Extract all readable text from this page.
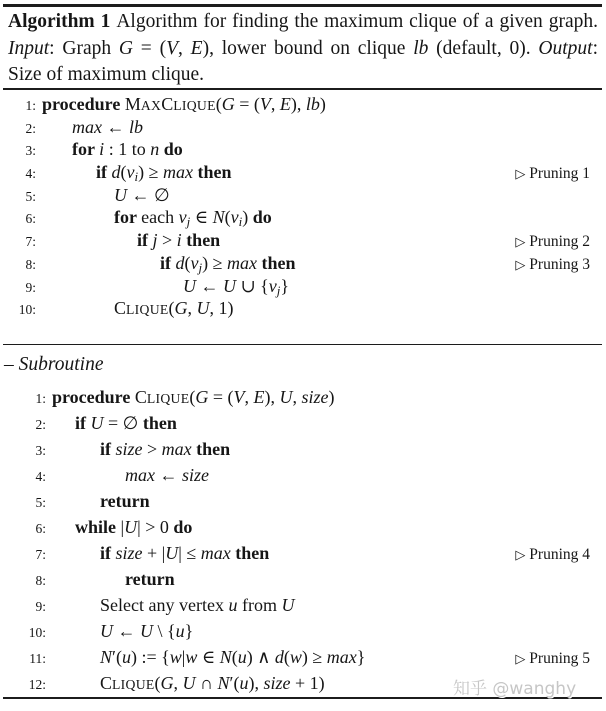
Algorithm 1 Algorithm for finding the maximum clique of a given graph. Input: Graph G = (V, E), lower bound on clique lb (default, 0). Output: Size of maximum clique.

1: procedure MAXCLIQUE(G = (V, E), lb)
2:	max ← lb
3:	for i : 1 to n do
4:	if d(vi) ≥ max then	▷ Pruning 1
5:	U ← ∅
6:	for each vj ∈ N(vi) do
7:	if j > i then	▷ Pruning 2
8:	if d(vj) ≥ max then	▷ Pruning 3
9:	U ← U ∪ {vj}
10:	CLIQUE(G, U, 1)
– Subroutine
1: procedure CLIQUE(G = (V, E), U, size)
2:	if U = ∅ then
3:	if size > max then
4:	max ← size
5:	return
6:	while |U| > 0 do
7:	if size + |U| ≤ max then	▷ Pruning 4
8:	return
9:	Select any vertex u from U
10:	U ← U \ {u}
11:	N′(u) := {w|w ∈ N(u) ∧ d(w) ≥ max}	▷ Pruning 5
12:	CLIQUE(G, U ∩ N′(u), size + 1)	知乎 @wanghy
